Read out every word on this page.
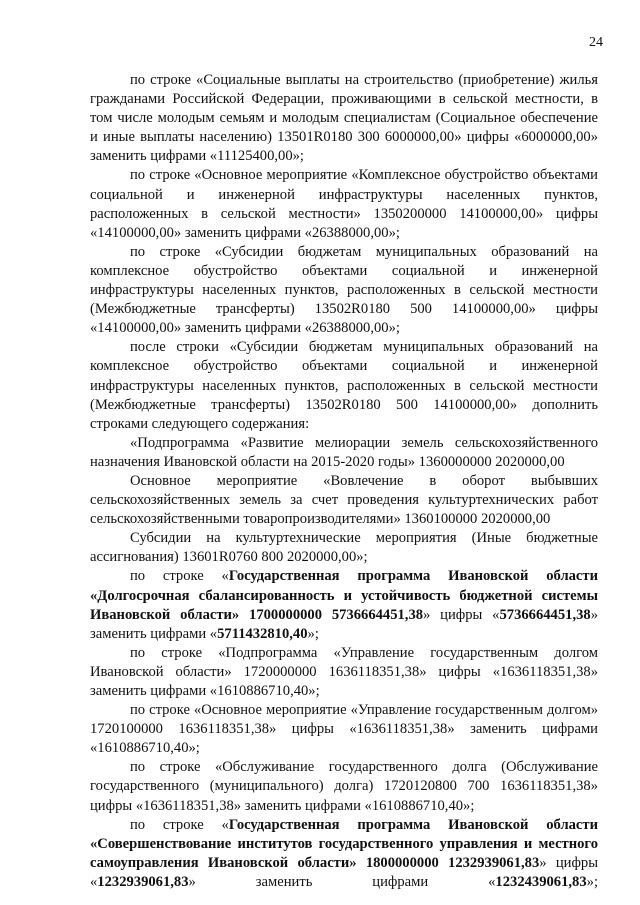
24

по строке «Социальные выплаты на строительство (приобретение) жилья гражданами Российской Федерации, проживающими в сельской местности, в том числе молодым семьям и молодым специалистам (Социальное обеспечение и иные выплаты населению) 13501R0180 300 6000000,00» цифры «6000000,00» заменить цифрами «11125400,00»;

по строке «Основное мероприятие «Комплексное обустройство объектами социальной и инженерной инфраструктуры населенных пунктов, расположенных в сельской местности» 1350200000 14100000,00» цифры «14100000,00» заменить цифрами «26388000,00»;

по строке «Субсидии бюджетам муниципальных образований на комплексное обустройство объектами социальной и инженерной инфраструктуры населенных пунктов, расположенных в сельской местности (Межбюджетные трансферты) 13502R0180 500 14100000,00» цифры «14100000,00» заменить цифрами «26388000,00»;

после строки «Субсидии бюджетам муниципальных образований на комплексное обустройство объектами социальной и инженерной инфраструктуры населенных пунктов, расположенных в сельской местности (Межбюджетные трансферты) 13502R0180 500 14100000,00» дополнить строками следующего содержания:

«Подпрограмма «Развитие мелиорации земель сельскохозяйственного назначения Ивановской области на 2015-2020 годы» 1360000000 2020000,00

Основное мероприятие «Вовлечение в оборот выбывших сельскохозяйственных земель за счет проведения культуртехнических работ сельскохозяйственными товаропроизводителями» 1360100000 2020000,00

Субсидии на культуртехнические мероприятия (Иные бюджетные ассигнования) 13601R0760 800 2020000,00»;

по строке «Государственная программа Ивановской области «Долгосрочная сбалансированность и устойчивость бюджетной системы Ивановской области» 1700000000 5736664451,38» цифры «5736664451,38» заменить цифрами «5711432810,40»;

по строке «Подпрограмма «Управление государственным долгом Ивановской области» 1720000000 1636118351,38» цифры «1636118351,38» заменить цифрами «1610886710,40»;

по строке «Основное мероприятие «Управление государственным долгом» 1720100000 1636118351,38» цифры «1636118351,38» заменить цифрами «1610886710,40»;

по строке «Обслуживание государственного долга (Обслуживание государственного (муниципального) долга) 1720120800 700 1636118351,38» цифры «1636118351,38» заменить цифрами «1610886710,40»;

по строке «Государственная программа Ивановской области «Совершенствование институтов государственного управления и местного самоуправления Ивановской области» 1800000000 1232939061,83» цифры «1232939061,83» заменить цифрами «1232439061,83»;
